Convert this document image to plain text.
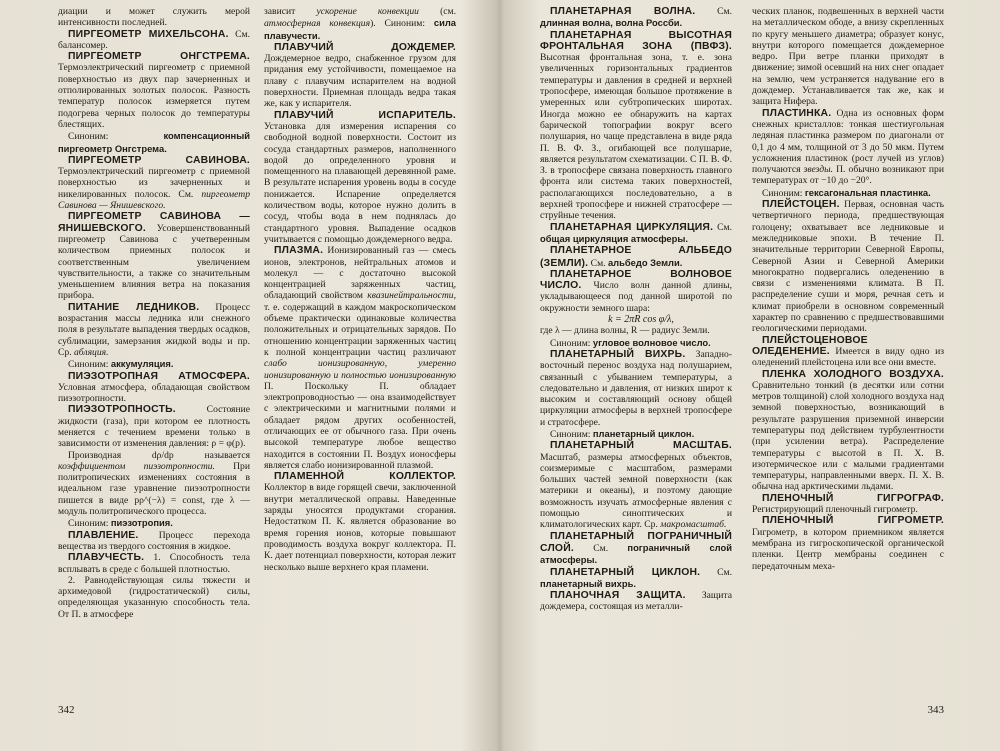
диации и может служить мерой интенсивности последней.

ПИРГЕОМЕТР МИХЕЛЬСОНА. См. балансомер.

ПИРГЕОМЕТР ОНГСТРЕМА. Термоэлектрический пиргеометр с приемной поверхностью из двух пар зачерненных и отполированных золотых полосок. Разность температур полосок измеряется путем подогрева черных полосок до температуры блестящих.

Синоним: компенсационный пиргеометр Онгстрема.

ПИРГЕОМЕТР САВИНОВА. Термоэлектрический пиргеометр с приемной поверхностью из зачерненных и никелированных полосок. См. пиргеометр Савинова — Янишевского.

ПИРГЕОМЕТР САВИНОВА — ЯНИШЕВСКОГО. Усовершенствованный пиргеометр Савинова с учетверенным количеством приемных полосок и соответственным увеличением чувствительности, а также со значительным уменьшением влияния ветра на показания прибора.

ПИТАНИЕ ЛЕДНИКОВ. Процесс возрастания массы ледника или снежного поля в результате выпадения твердых осадков, сублимации, замерзания жидкой воды и пр. Ср. абляция.

Синоним: аккумуляция.

ПИЭЗОТРОПНАЯ АТМОСФЕРА. Условная атмосфера, обладающая свойством пиэзотропности.

ПИЭЗОТРОПНОСТЬ. Состояние жидкости (газа), при котором ее плотность меняется с течением времени только в зависимости от изменения давления: ρ = φ(p).

Производная dρ/dp называется коэффициентом пиэзотропности. При политропических изменениях состояния в идеальном газе уравнение пиэзотропности пишется в виде pρ^(−λ) = const, где λ — модуль политропического процесса.

Синоним: пиэзотропия.

ПЛАВЛЕНИЕ. Процесс перехода вещества из твердого состояния в жидкое.

ПЛАВУЧЕСТЬ. 1. Способность тела всплывать в среде с большей плотностью.

2. Равнодействующая силы тяжести и архимедовой (гидростатической) силы, определяющая указанную способность тела. От П. в атмосфере

зависит ускорение конвекции (см. атмосферная конвекция). Синоним: сила плавучести.

ПЛАВУЧИЙ ДОЖДЕМЕР. Дождемерное ведро, снабженное грузом для придания ему устойчивости, помещаемое на плаву с плавучим испарителем на водной поверхности. Приемная площадь ведра такая же, как у испарителя.

ПЛАВУЧИЙ ИСПАРИТЕЛЬ. Установка для измерения испарения со свободной водной поверхности. Состоит из сосуда стандартных размеров, наполненного водой до определенного уровня и помещенного на плавающей деревянной раме. В результате испарения уровень воды в сосуде понижается. Испарение определяется количеством воды, которое нужно долить в сосуд, чтобы вода в нем поднялась до стандартного уровня. Выпадение осадков учитывается с помощью дождемерного ведра.

ПЛАЗМА. Ионизированный газ — смесь ионов, электронов, нейтральных атомов и молекул — с достаточно высокой концентрацией заряженных частиц, обладающий свойством квазинейтральности, т. е. содержащий в каждом макроскопическом объеме практически одинаковые количества положительных и отрицательных зарядов. По отношению концентрации заряженных частиц к полной концентрации частиц различают слабо ионизированную, умеренно ионизированную и полностью ионизированную П. Поскольку П. обладает электропроводностью — она взаимодействует с электрическими и магнитными полями и обладает рядом других особенностей, отличающих ее от обычного газа. При очень высокой температуре любое вещество находится в состоянии П. Воздух ионосферы является слабо ионизированной плазмой.

ПЛАМЕННОЙ КОЛЛЕКТОР. Коллектор в виде горящей свечи, заключенной внутри металлической оправы. Наведенные заряды уносятся продуктами сгорания. Недостатком П. К. является образование во время горения ионов, которые повышают проводимость воздуха вокруг коллектора. П. К. дает потенциал поверхности, которая лежит несколько выше верхнего края пламени.

342

ПЛАНЕТАРНАЯ ВОЛНА. См. длинная волна, волна Россби.

ПЛАНЕТАРНАЯ ВЫСОТНАЯ ФРОНТАЛЬНАЯ ЗОНА (ПВФЗ). Высотная фронтальная зона, т. е. зона увеличенных горизонтальных градиентов температуры и давления в средней и верхней тропосфере, имеющая большое протяжение в умеренных или субтропических широтах. Иногда можно ее обнаружить на картах барической топографии вокруг всего полушария, но чаще представлена в виде ряда П. В. Ф. З., огибающей все полушарие, является результатом схематизации. С П. В. Ф. З. в тропосфере связана поверхность главного фронта или система таких поверхностей, располагающихся последовательно, а в верхней тропосфере и нижней стратосфере — струйные течения.

ПЛАНЕТАРНАЯ ЦИРКУЛЯЦИЯ. См. общая циркуляция атмосферы.

ПЛАНЕТАРНОЕ АЛЬБЕДО (ЗЕМЛИ). См. альбедо Земли.

ПЛАНЕТАРНОЕ ВОЛНОВОЕ ЧИСЛО. Число волн данной длины, укладывающееся под данной широтой по окружности земного шара:

k = 2πR cos φ/λ,

где λ — длина волны, R — радиус Земли.

Синоним: угловое волновое число.

ПЛАНЕТАРНЫЙ ВИХРЬ. Западно-восточный перенос воздуха над полушарием, связанный с убыванием температуры, а следовательно и давления, от низких широт к высоким и составляющий основу общей циркуляции атмосферы в верхней тропосфере и стратосфере.

Синоним: планетарный циклон.

ПЛАНЕТАРНЫЙ МАСШТАБ. Масштаб, размеры атмосферных объектов, соизмеримые с масштабом, размерами больших частей земной поверхности (как материки и океаны), и поэтому дающие возможность изучать атмосферные явления с помощью синоптических и климатологических карт. Ср. макромасштаб.

ПЛАНЕТАРНЫЙ ПОГРАНИЧНЫЙ СЛОЙ. См. пограничный слой атмосферы.

ПЛАНЕТАРНЫЙ ЦИКЛОН. См. планетарный вихрь.

ПЛАНОЧНАЯ ЗАЩИТА. Защита дождемера, состоящая из металли-

ческих планок, подвешенных в верхней части на металлическом ободе, а внизу скрепленных по кругу меньшего диаметра; образует конус, внутри которого помещается дождемерное ведро. При ветре планки приходят в движение; зимой осевший на них снег опадает на землю, чем устраняется надувание его в дождемер. Устанавливается так же, как и защита Нифера.

ПЛАСТИНКА. Одна из основных форм снежных кристаллов: тонкая шестиугольная ледяная пластинка размером по диагонали от 0,1 до 4 мм, толщиной от 3 до 50 мкм. Путем усложнения пластинок (рост лучей из углов) получаются звезды. П. обычно возникают при температурах от −10 до −20°.

Синоним: гексагональная пластинка.

ПЛЕЙСТОЦЕН. Первая, основная часть четвертичного периода, предшествующая голоцену; охватывает все ледниковые и межледниковые эпохи. В течение П. значительные территории Северной Европы, Северной Азии и Северной Америки многократно подвергались оледенению в связи с изменениями климата. В П. распределение суши и моря, речная сеть и климат приобрели в основном современный характер по сравнению с предшествовавшими геологическими периодами.

ПЛЕЙСТОЦЕНОВОЕ ОЛЕДЕНЕНИЕ. Имеется в виду одно из оледенений плейстоцена или все они вместе.

ПЛЕНКА ХОЛОДНОГО ВОЗДУХА. Сравнительно тонкий (в десятки или сотни метров толщиной) слой холодного воздуха над земной поверхностью, возникающий в результате разрушения приземной инверсии температуры под действием турбулентности (при усилении ветра). Распределение температуры с высотой в П. Х. В. изотермическое или с малыми градиентами температуры, направленными вверх. П. Х. В. обычна над арктическими льдами.

ПЛЕНОЧНЫЙ ГИГРОГРАФ. Регистрирующий пленочный гигрометр.

ПЛЕНОЧНЫЙ ГИГРОМЕТР. Гигрометр, в котором приемником является мембрана из гигроскопической органической пленки. Центр мембраны соединен с передаточным меха-

343
